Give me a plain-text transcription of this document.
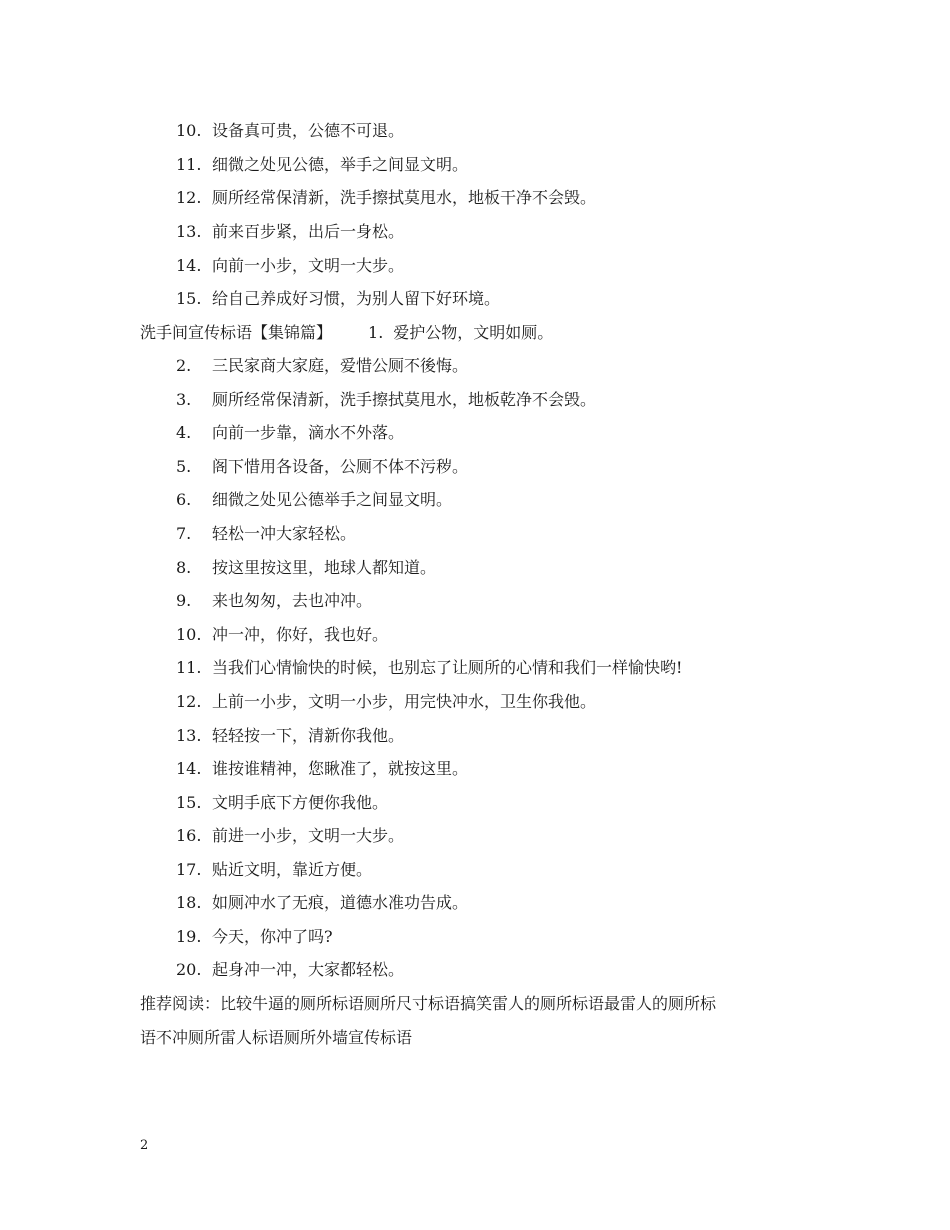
10. 设备真可贵，公德不可退。
11. 细微之处见公德，举手之间显文明。
12. 厕所经常保清新，洗手擦拭莫甩水，地板干净不会毁。
13. 前来百步紧，出后一身松。
14. 向前一小步，文明一大步。
15. 给自己养成好习惯，为别人留下好环境。
洗手间宣传标语【集锦篇】 1. 爱护公物，文明如厕。
2. 三民家商大家庭，爱惜公厕不後悔。
3. 厕所经常保清新，洗手擦拭莫甩水，地板乾净不会毁。
4. 向前一步靠，滴水不外落。
5. 阁下惜用各设备，公厕不体不污秽。
6. 细微之处见公德举手之间显文明。
7. 轻松一冲大家轻松。
8. 按这里按这里，地球人都知道。
9. 来也匆匆，去也冲冲。
10. 冲一冲，你好，我也好。
11. 当我们心情愉快的时候，也别忘了让厕所的心情和我们一样愉快哟!
12. 上前一小步，文明一小步，用完快冲水，卫生你我他。
13. 轻轻按一下，清新你我他。
14. 谁按谁精神，您瞅准了，就按这里。
15. 文明手底下方便你我他。
16. 前进一小步，文明一大步。
17. 贴近文明，靠近方便。
18. 如厕冲水了无痕，道德水准功告成。
19. 今天，你冲了吗?
20. 起身冲一冲，大家都轻松。
推荐阅读：比较牛逼的厕所标语厕所尺寸标语搞笑雷人的厕所标语最雷人的厕所标
语不冲厕所雷人标语厕所外墙宣传标语
2
